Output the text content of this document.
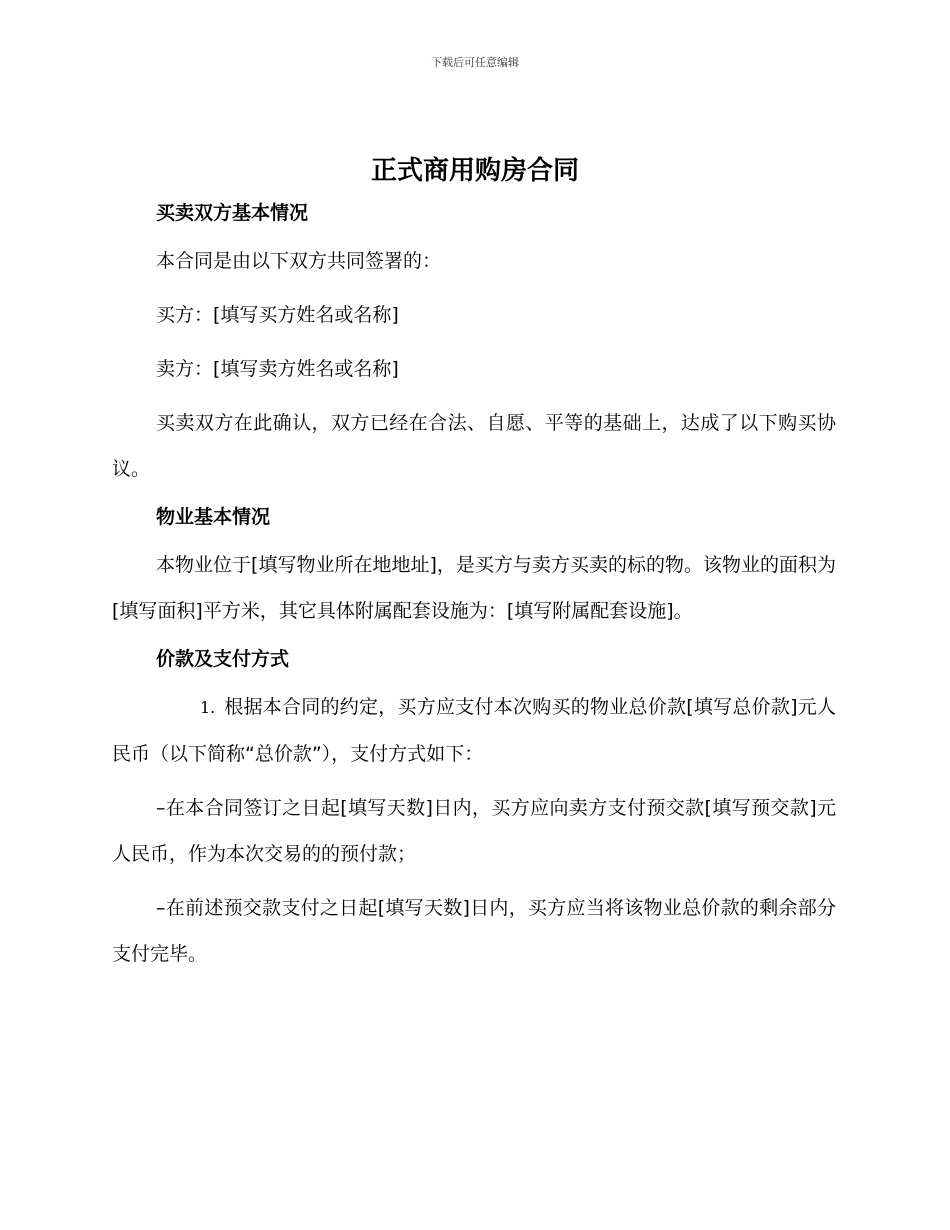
下载后可任意编辑
正式商用购房合同
买卖双方基本情况

本合同是由以下双方共同签署的：

买方：[填写买方姓名或名称]

卖方：[填写卖方姓名或名称]

买卖双方在此确认，双方已经在合法、自愿、平等的基础上，达成了以下购买协议。

物业基本情况

本物业位于[填写物业所在地地址]，是买方与卖方买卖的标的物。该物业的面积为[填写面积]平方米，其它具体附属配套设施为：[填写附属配套设施]。

价款及支付方式

1. 根据本合同的约定，买方应支付本次购买的物业总价款[填写总价款]元人民币（以下简称“总价款”），支付方式如下：

–在本合同签订之日起[填写天数]日内，买方应向卖方支付预交款[填写预交款]元人民币，作为本次交易的的预付款；

–在前述预交款支付之日起[填写天数]日内，买方应当将该物业总价款的剩余部分支付完毕。
